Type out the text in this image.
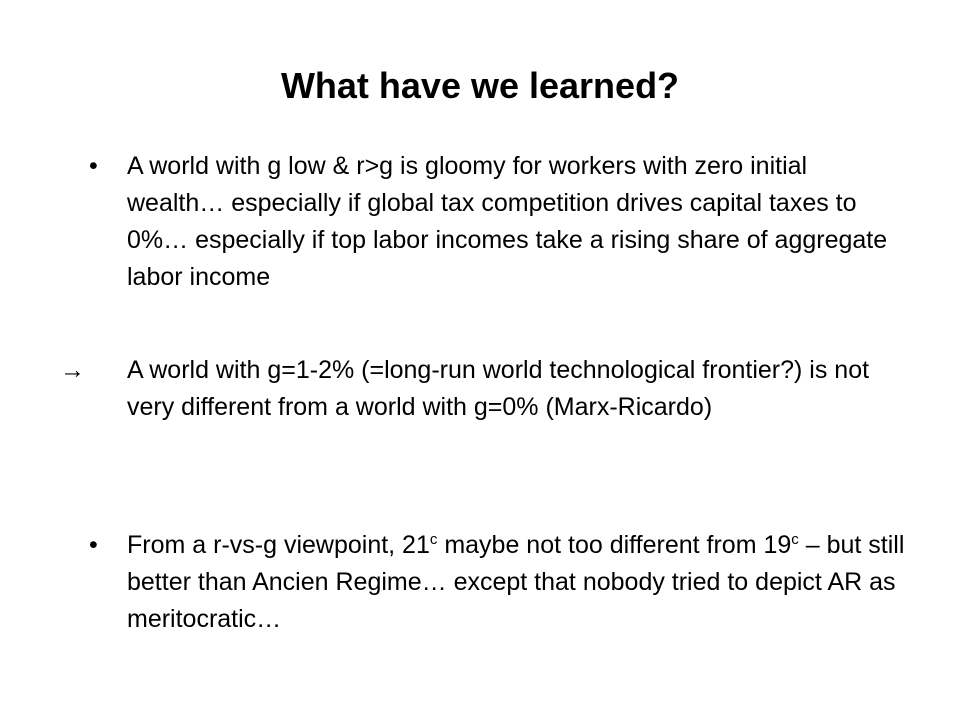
What have we learned?
• A world with g low & r>g is gloomy for workers with zero initial wealth… especially if global tax competition drives capital taxes to 0%… especially if top labor incomes take a rising share of aggregate labor income
→ A world with g=1-2% (=long-run world technological frontier?) is not very different from a world with g=0% (Marx-Ricardo)
• From a r-vs-g viewpoint, 21$^c$ maybe not too different from 19$^c$ – but still better than Ancien Regime… except that nobody tried to depict AR as meritocratic…
